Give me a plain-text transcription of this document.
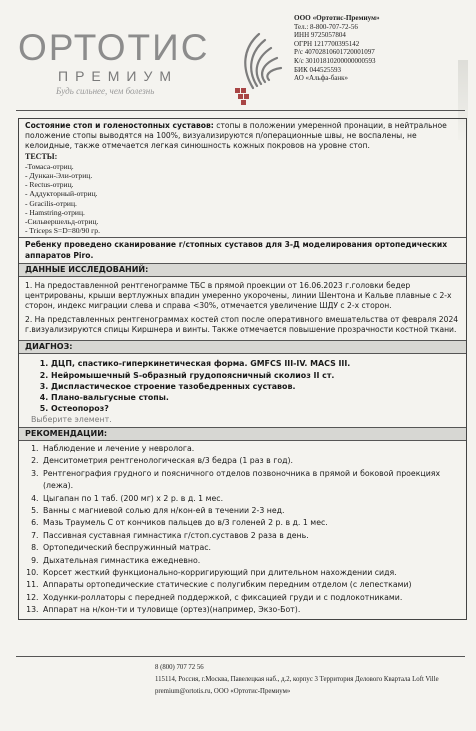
ОРТОТИС
ПРЕМИУМ
Будь сильнее, чем болезнь
ООО «Ортотис-Премиум»
Тел.: 8-800-707-72-56
ИНН 9725057804
ОГРН 1217700395142
Р/с 40702810601720001097
К/с 30101810200000000593
БИК 044525593
АО «Альфа-банк»
Состояние стоп и голеностопных суставов: стопы в положении умеренной пронации, в нейтральное положение стопы выводятся на 100%, визуализируются п/операционные швы, не воспалены, не келоидные, также отмечается легкая синюшность кожных покровов на уровне стоп.
ТЕСТЫ:
-Томаса-отриц.
- Дункан-Эли-отриц.
- Rectus-отриц.
- Аддукторный-отриц.
- Gracilis-отриц.
- Hamstring-отриц.
-Сильвершельд-отриц.
- Triceps S=D=80/90 гр.
Ребенку проведено сканирование г/стопных суставов для 3-Д моделирования ортопедических аппаратов Piro.
ДАННЫЕ ИССЛЕДОВАНИЙ:
1. На предоставленной рентгенограмме ТБС в прямой проекции от 16.06.2023 г.головки бедер центрированы, крыши вертлужных впадин умеренно укорочены, линии Шентона и Кальве плавные с 2-х сторон, индекс миграции слева и справа <30%, отмечается увеличение ШДУ с 2-х сторон.
2. На представленных рентгенограммах костей стоп после оперативного вмешательства от февраля 2024 г.визуализируются спицы Киршнера и винты. Также отмечается повышение прозрачности костной ткани.
ДИАГНОЗ:
1. ДЦП, спастико-гиперкинетическая форма. GMFCS III-IV. MACS III.
2. Нейромышечный S-образный грудопоясничный сколиоз II ст.
3. Диспластическое строение тазобедренных суставов.
4. Плано-вальгусные стопы.
5. Остеопороз?
Выберите элемент.
РЕКОМЕНДАЦИИ:
1. Наблюдение и лечение у невролога.
2. Денситометрия рентгенологическая в/3 бедра (1 раз в год).
3. Рентгенография грудного и поясничного отделов позвоночника в прямой и боковой проекциях (лежа).
4. Цыгапан по 1 таб. (200 мг) х 2 р. в д. 1 мес.
5. Ванны с магниевой солью для н/кон-ей в течении 2-3 нед.
6. Мазь Траумель С от кончиков пальцев до в/3 голеней 2 р. в д. 1 мес.
7. Пассивная суставная гимнастика г/стоп.суставов 2 раза в день.
8. Ортопедический беспружинный матрас.
9. Дыхательная гимнастика ежедневно.
10. Корсет жесткий функционально-корригирующий при длительном нахождении сидя.
11. Аппараты ортопедические статические с полугибким передним отделом (с лепестками)
12. Ходунки-роллаторы с передней поддержкой, с фиксацией груди и с подлокотниками.
13. Аппарат на н/кон-ти и туловище (ортез)(например, Экзо-Бот).
8 (800) 707 72 56
115114, Россия, г.Москва, Павелецкая наб., д.2, корпус 3 Территория Делового Квартала Loft Ville
premium@ortotis.ru, ООО «Ортотис-Премиум»
